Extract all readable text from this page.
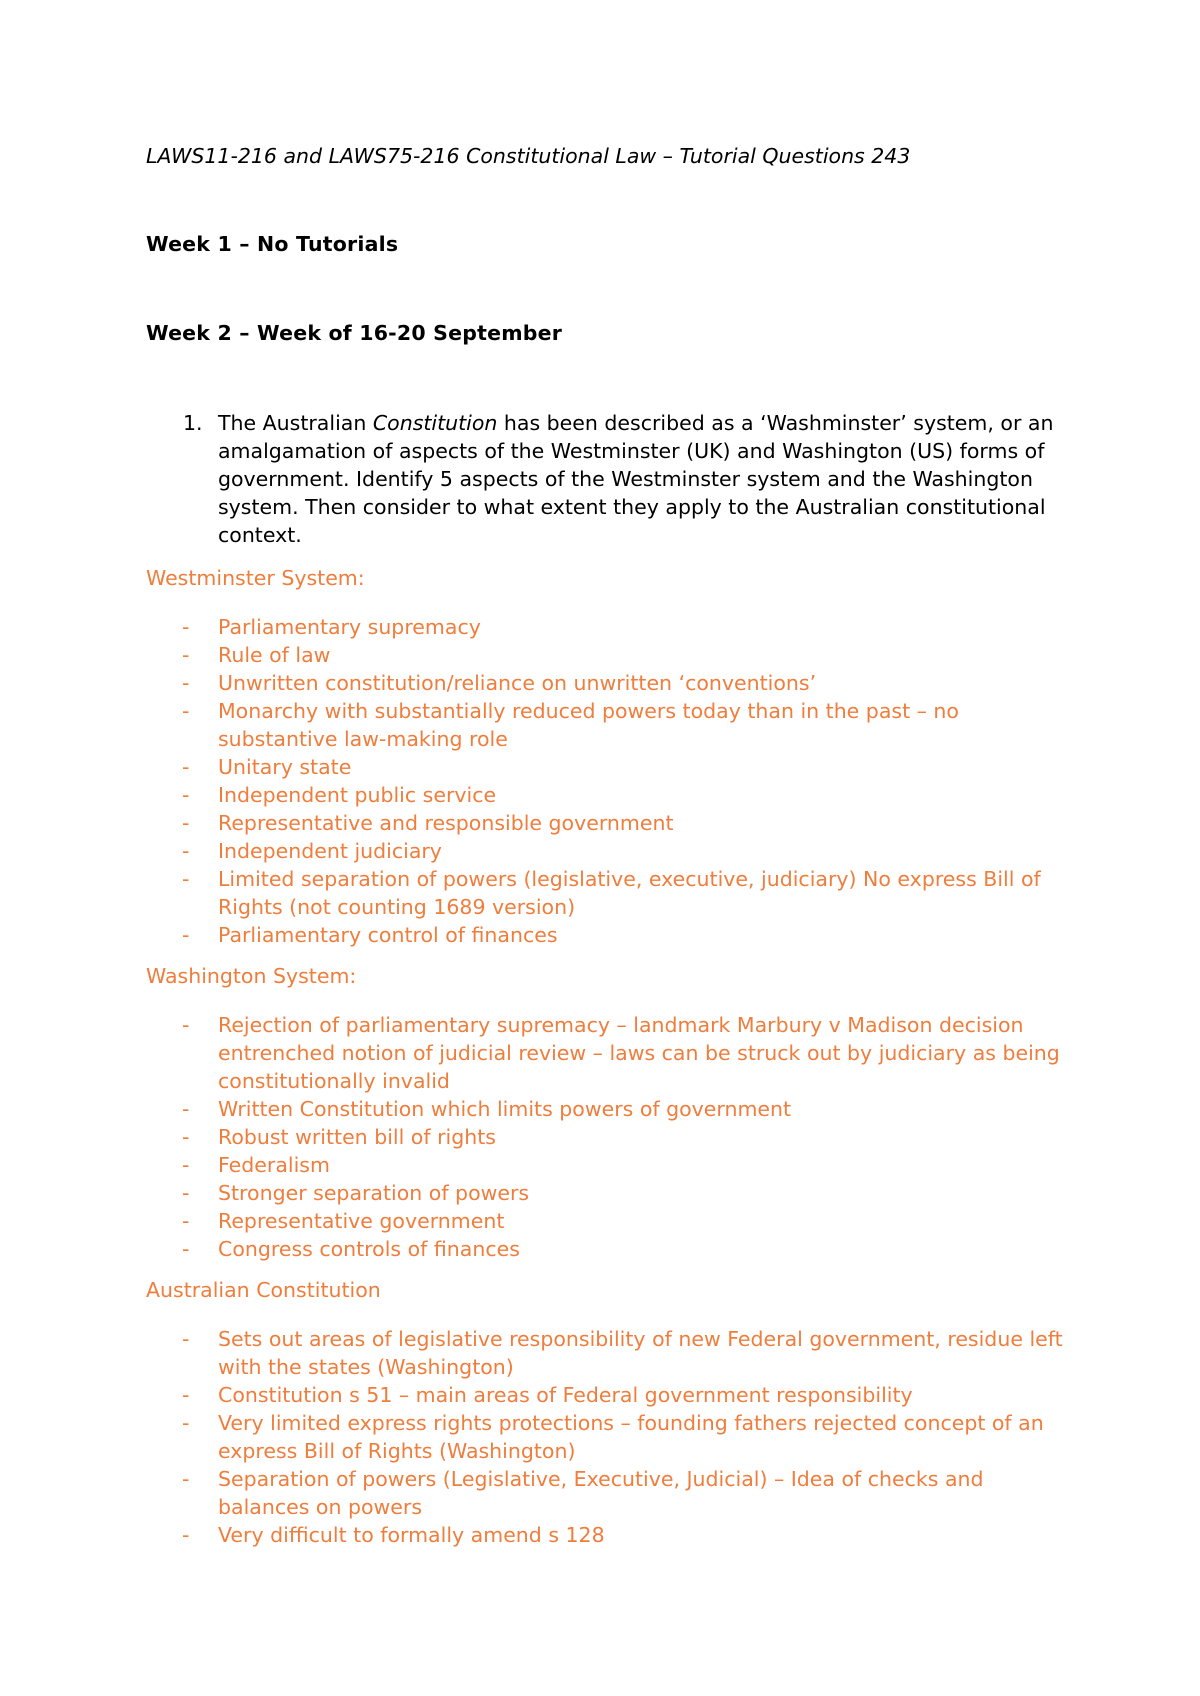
LAWS11-216 and LAWS75-216 Constitutional Law – Tutorial Questions 243
Week 1 – No Tutorials
Week 2 – Week of 16-20 September
1. The Australian Constitution has been described as a ‘Washminster’ system, or an amalgamation of aspects of the Westminster (UK) and Washington (US) forms of government. Identify 5 aspects of the Westminster system and the Washington system. Then consider to what extent they apply to the Australian constitutional context.
Westminster System:
- Parliamentary supremacy
- Rule of law
- Unwritten constitution/reliance on unwritten ‘conventions’
- Monarchy with substantially reduced powers today than in the past – no substantive law-making role
- Unitary state
- Independent public service
- Representative and responsible government
- Independent judiciary
- Limited separation of powers (legislative, executive, judiciary) No express Bill of Rights (not counting 1689 version)
- Parliamentary control of finances
Washington System:
- Rejection of parliamentary supremacy – landmark Marbury v Madison decision entrenched notion of judicial review – laws can be struck out by judiciary as being constitutionally invalid
- Written Constitution which limits powers of government
- Robust written bill of rights
- Federalism
- Stronger separation of powers
- Representative government
- Congress controls of finances
Australian Constitution
- Sets out areas of legislative responsibility of new Federal government, residue left with the states (Washington)
- Constitution s 51 – main areas of Federal government responsibility
- Very limited express rights protections – founding fathers rejected concept of an express Bill of Rights (Washington)
- Separation of powers (Legislative, Executive, Judicial) – Idea of checks and balances on powers
- Very difficult to formally amend s 128
